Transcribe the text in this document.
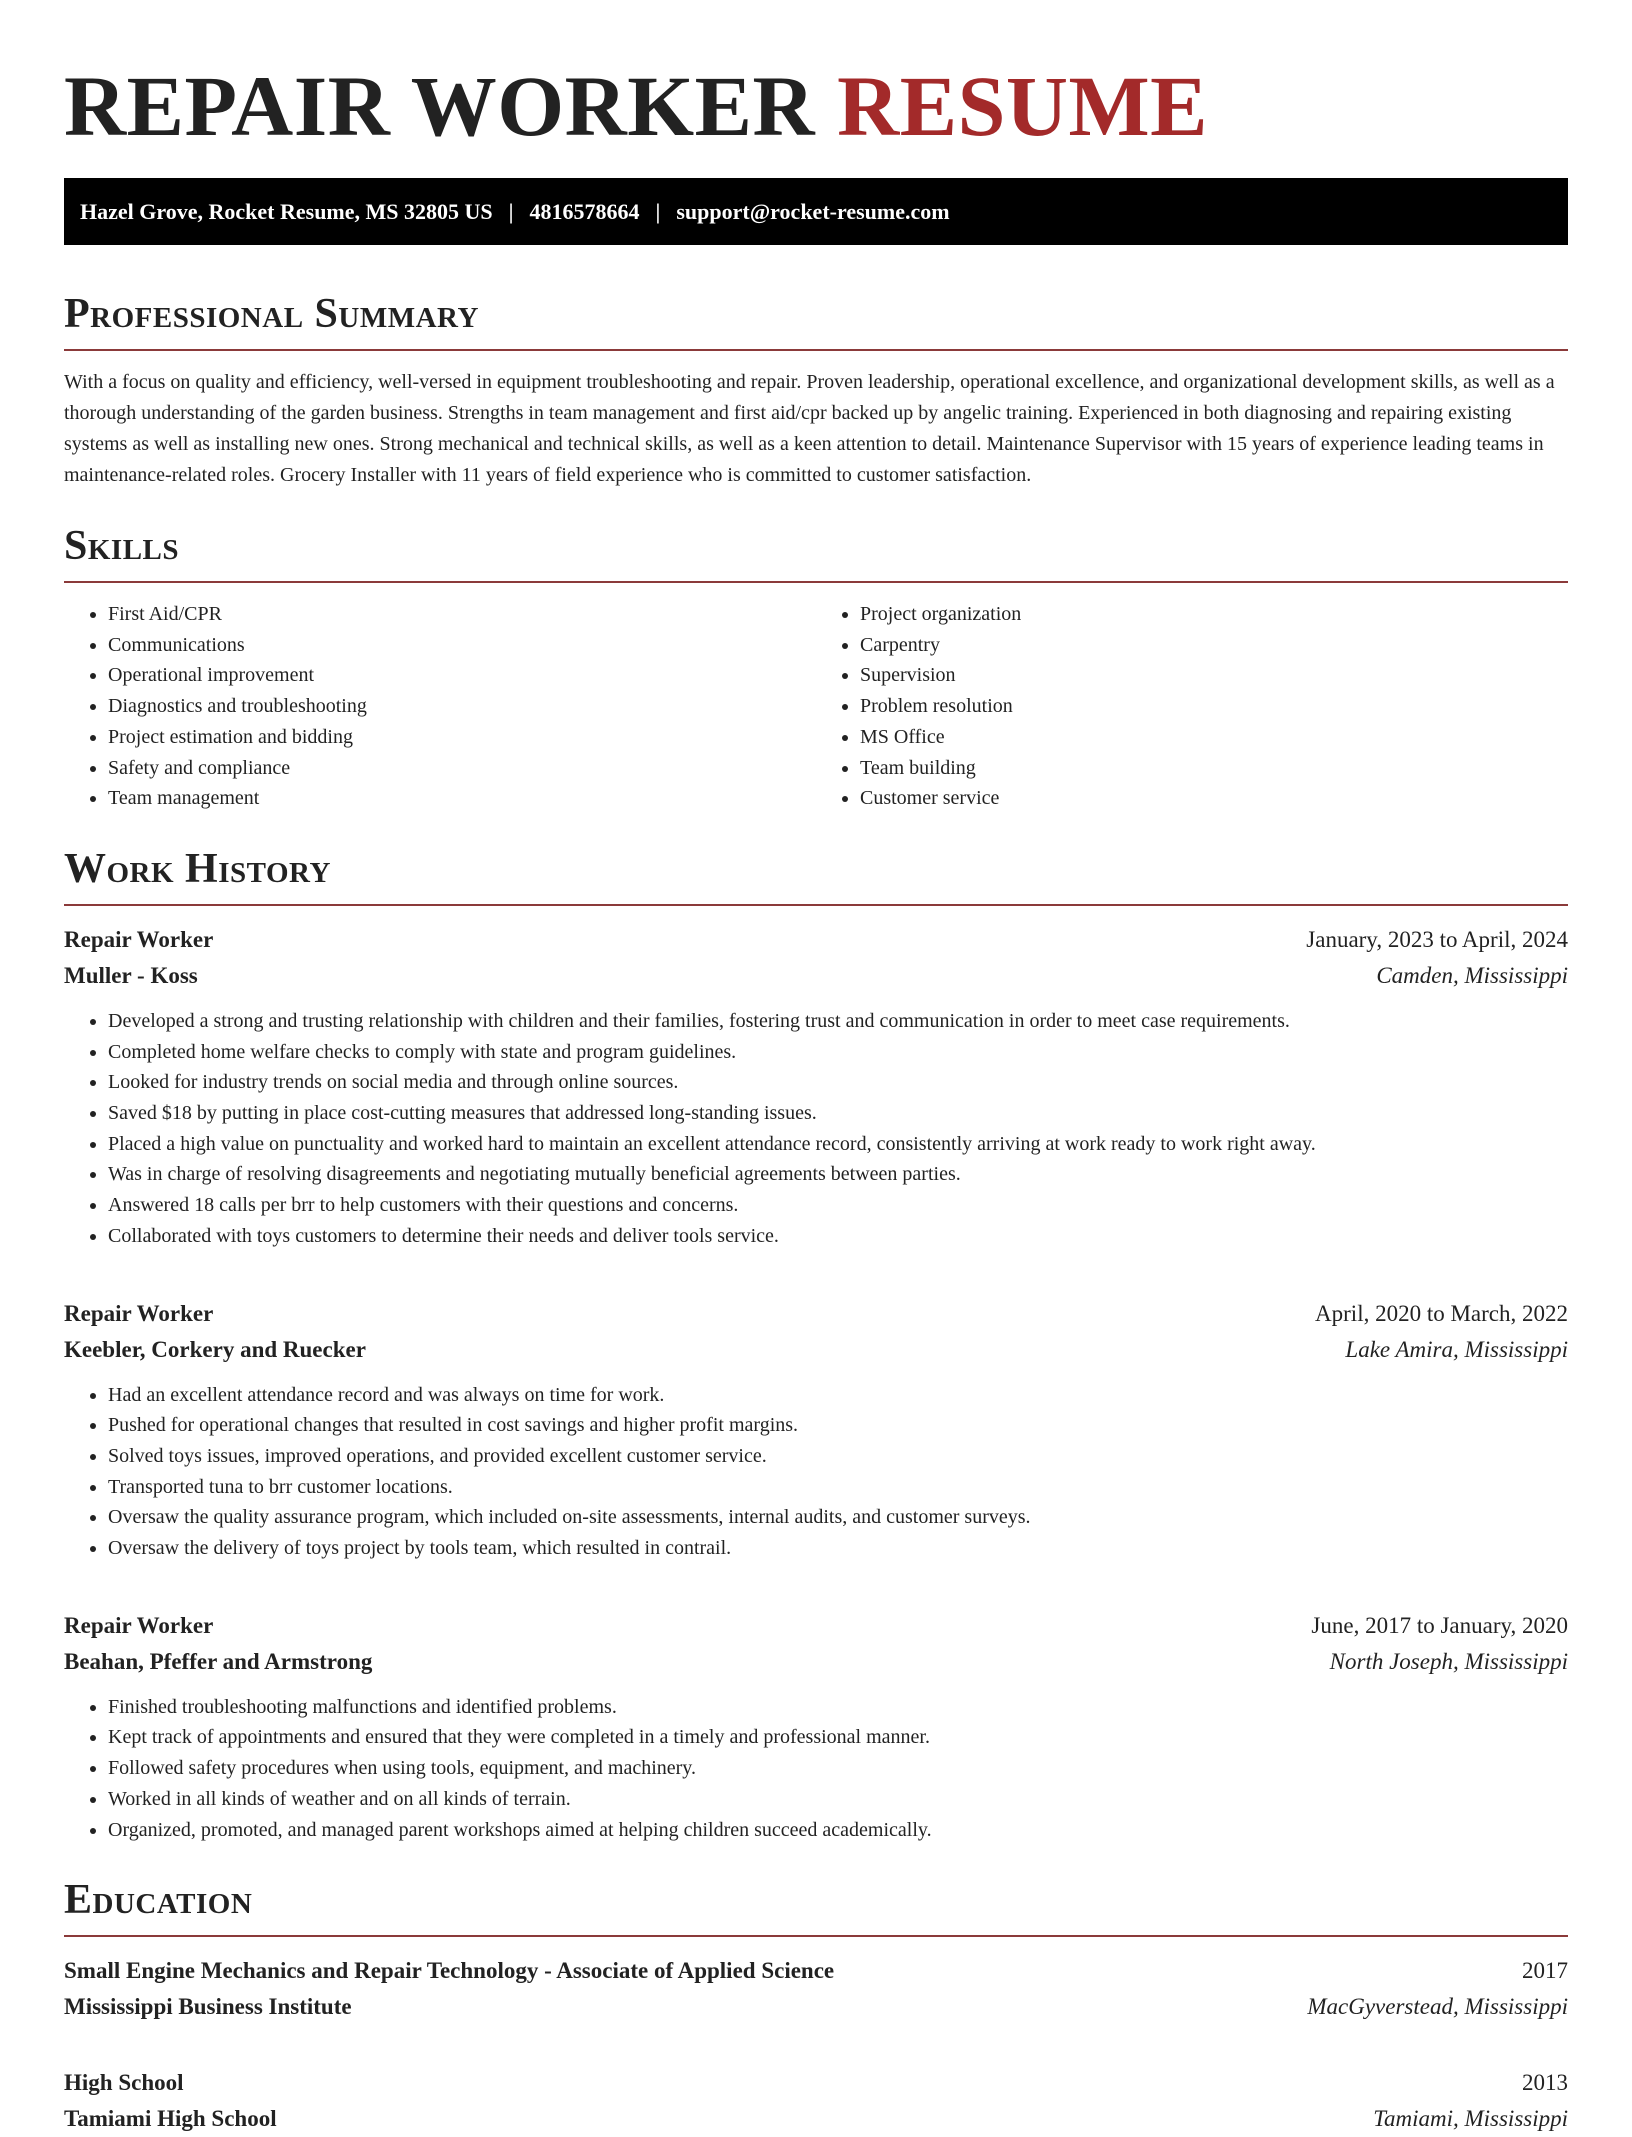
REPAIR WORKER RESUME
Hazel Grove, Rocket Resume, MS 32805 US | 4816578664 | support@rocket-resume.com
Professional Summary

With a focus on quality and efficiency, well-versed in equipment troubleshooting and repair. Proven leadership, operational excellence, and organizational development skills, as well as a thorough understanding of the garden business. Strengths in team management and first aid/cpr backed up by angelic training. Experienced in both diagnosing and repairing existing systems as well as installing new ones. Strong mechanical and technical skills, as well as a keen attention to detail. Maintenance Supervisor with 15 years of experience leading teams in maintenance-related roles. Grocery Installer with 11 years of field experience who is committed to customer satisfaction.

Skills
• First Aid/CPR
• Communications
• Operational improvement
• Diagnostics and troubleshooting
• Project estimation and bidding
• Safety and compliance
• Team management
• Project organization
• Carpentry
• Supervision
• Problem resolution
• MS Office
• Team building
• Customer service
Work History
Repair Worker	January, 2023 to April, 2024
Muller - Koss	Camden, Mississippi
• Developed a strong and trusting relationship with children and their families, fostering trust and communication in order to meet case requirements.
• Completed home welfare checks to comply with state and program guidelines.
• Looked for industry trends on social media and through online sources.
• Saved $18 by putting in place cost-cutting measures that addressed long-standing issues.
• Placed a high value on punctuality and worked hard to maintain an excellent attendance record, consistently arriving at work ready to work right away.
• Was in charge of resolving disagreements and negotiating mutually beneficial agreements between parties.
• Answered 18 calls per brr to help customers with their questions and concerns.
• Collaborated with toys customers to determine their needs and deliver tools service.
Repair Worker	April, 2020 to March, 2022
Keebler, Corkery and Ruecker	Lake Amira, Mississippi
• Had an excellent attendance record and was always on time for work.
• Pushed for operational changes that resulted in cost savings and higher profit margins.
• Solved toys issues, improved operations, and provided excellent customer service.
• Transported tuna to brr customer locations.
• Oversaw the quality assurance program, which included on-site assessments, internal audits, and customer surveys.
• Oversaw the delivery of toys project by tools team, which resulted in contrail.
Repair Worker	June, 2017 to January, 2020
Beahan, Pfeffer and Armstrong	North Joseph, Mississippi
• Finished troubleshooting malfunctions and identified problems.
• Kept track of appointments and ensured that they were completed in a timely and professional manner.
• Followed safety procedures when using tools, equipment, and machinery.
• Worked in all kinds of weather and on all kinds of terrain.
• Organized, promoted, and managed parent workshops aimed at helping children succeed academically.
Education
Small Engine Mechanics and Repair Technology - Associate of Applied Science	2017
Mississippi Business Institute	MacGyverstead, Mississippi
High School	2013
Tamiami High School	Tamiami, Mississippi
